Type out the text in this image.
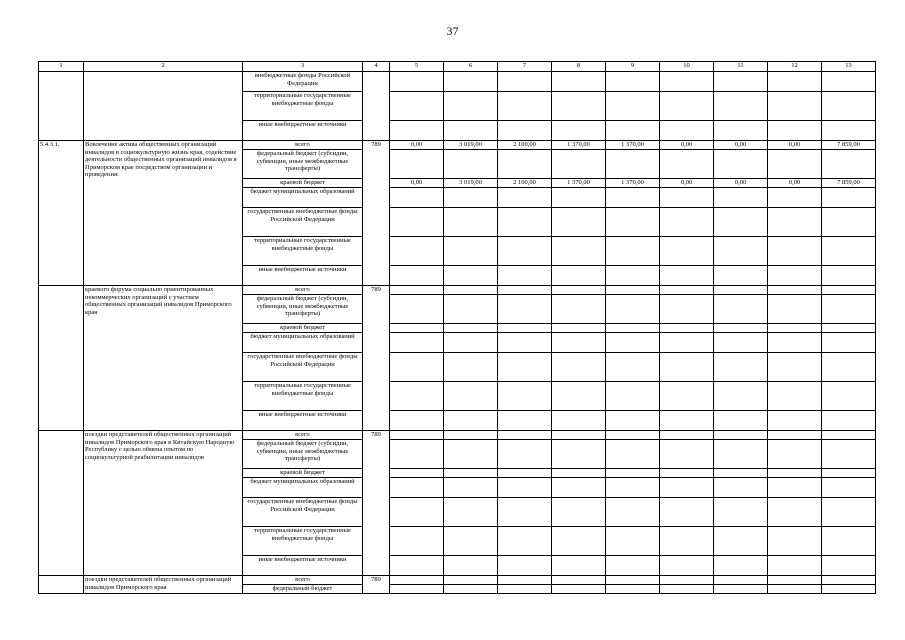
37
1	2	3	4	5	6	7	8	9	10	11	12	13
		внебюджетные фонды Российской Федерации										
		территориальные государственные внебюджетные фонды										
		иные внебюджетные источники										
5.4.3.1.	Вовлечение актива общественных организаций инвалидов в социокультурную жизнь края, содействие деятельности общественных организаций инвалидов в Приморском крае посредством организации и проведения:	всего	789	0,00	3 019,00	2 100,00	1 370,00	1 370,00	0,00	0,00	0,00	7 859,00
		федеральный бюджет (субсидии, субвенции, иные межбюджетные трансферты)										
		краевой бюджет		0,00	3 019,00	2 100,00	1 370,00	1 370,00	0,00	0,00	0,00	7 859,00
		бюджет муниципальных образований										
		государственные внебюджетные фонды Российской Федерации										
		территориальные государственные внебюджетные фонды										
		иные внебюджетные источники										
	краевого форума социально ориентированных некоммерческих организаций с участием общественных организаций инвалидов Приморского края	всего	789									
		федеральный бюджет (субсидии, субвенции, иные межбюджетные трансферты)										
		краевой бюджет										
		бюджет муниципальных образований										
		государственные внебюджетные фонды Российской Федерации										
		территориальные государственные внебюджетные фонды										
		иные внебюджетные источники										
	поездки представителей общественных организаций инвалидов Приморского края в Китайскую Народную Республику с целью обмена опытом по социокультурной реабилитации инвалидов	всего	789									
		федеральный бюджет (субсидии, субвенции, иные межбюджетные трансферты)										
		краевой бюджет										
		бюджет муниципальных образований										
		государственные внебюджетные фонды Российской Федерации										
		территориальные государственные внебюджетные фонды										
		иные внебюджетные источники										
	поездки представителей общественных организаций инвалидов Приморского края	всего	789									
		федеральный бюджет										
